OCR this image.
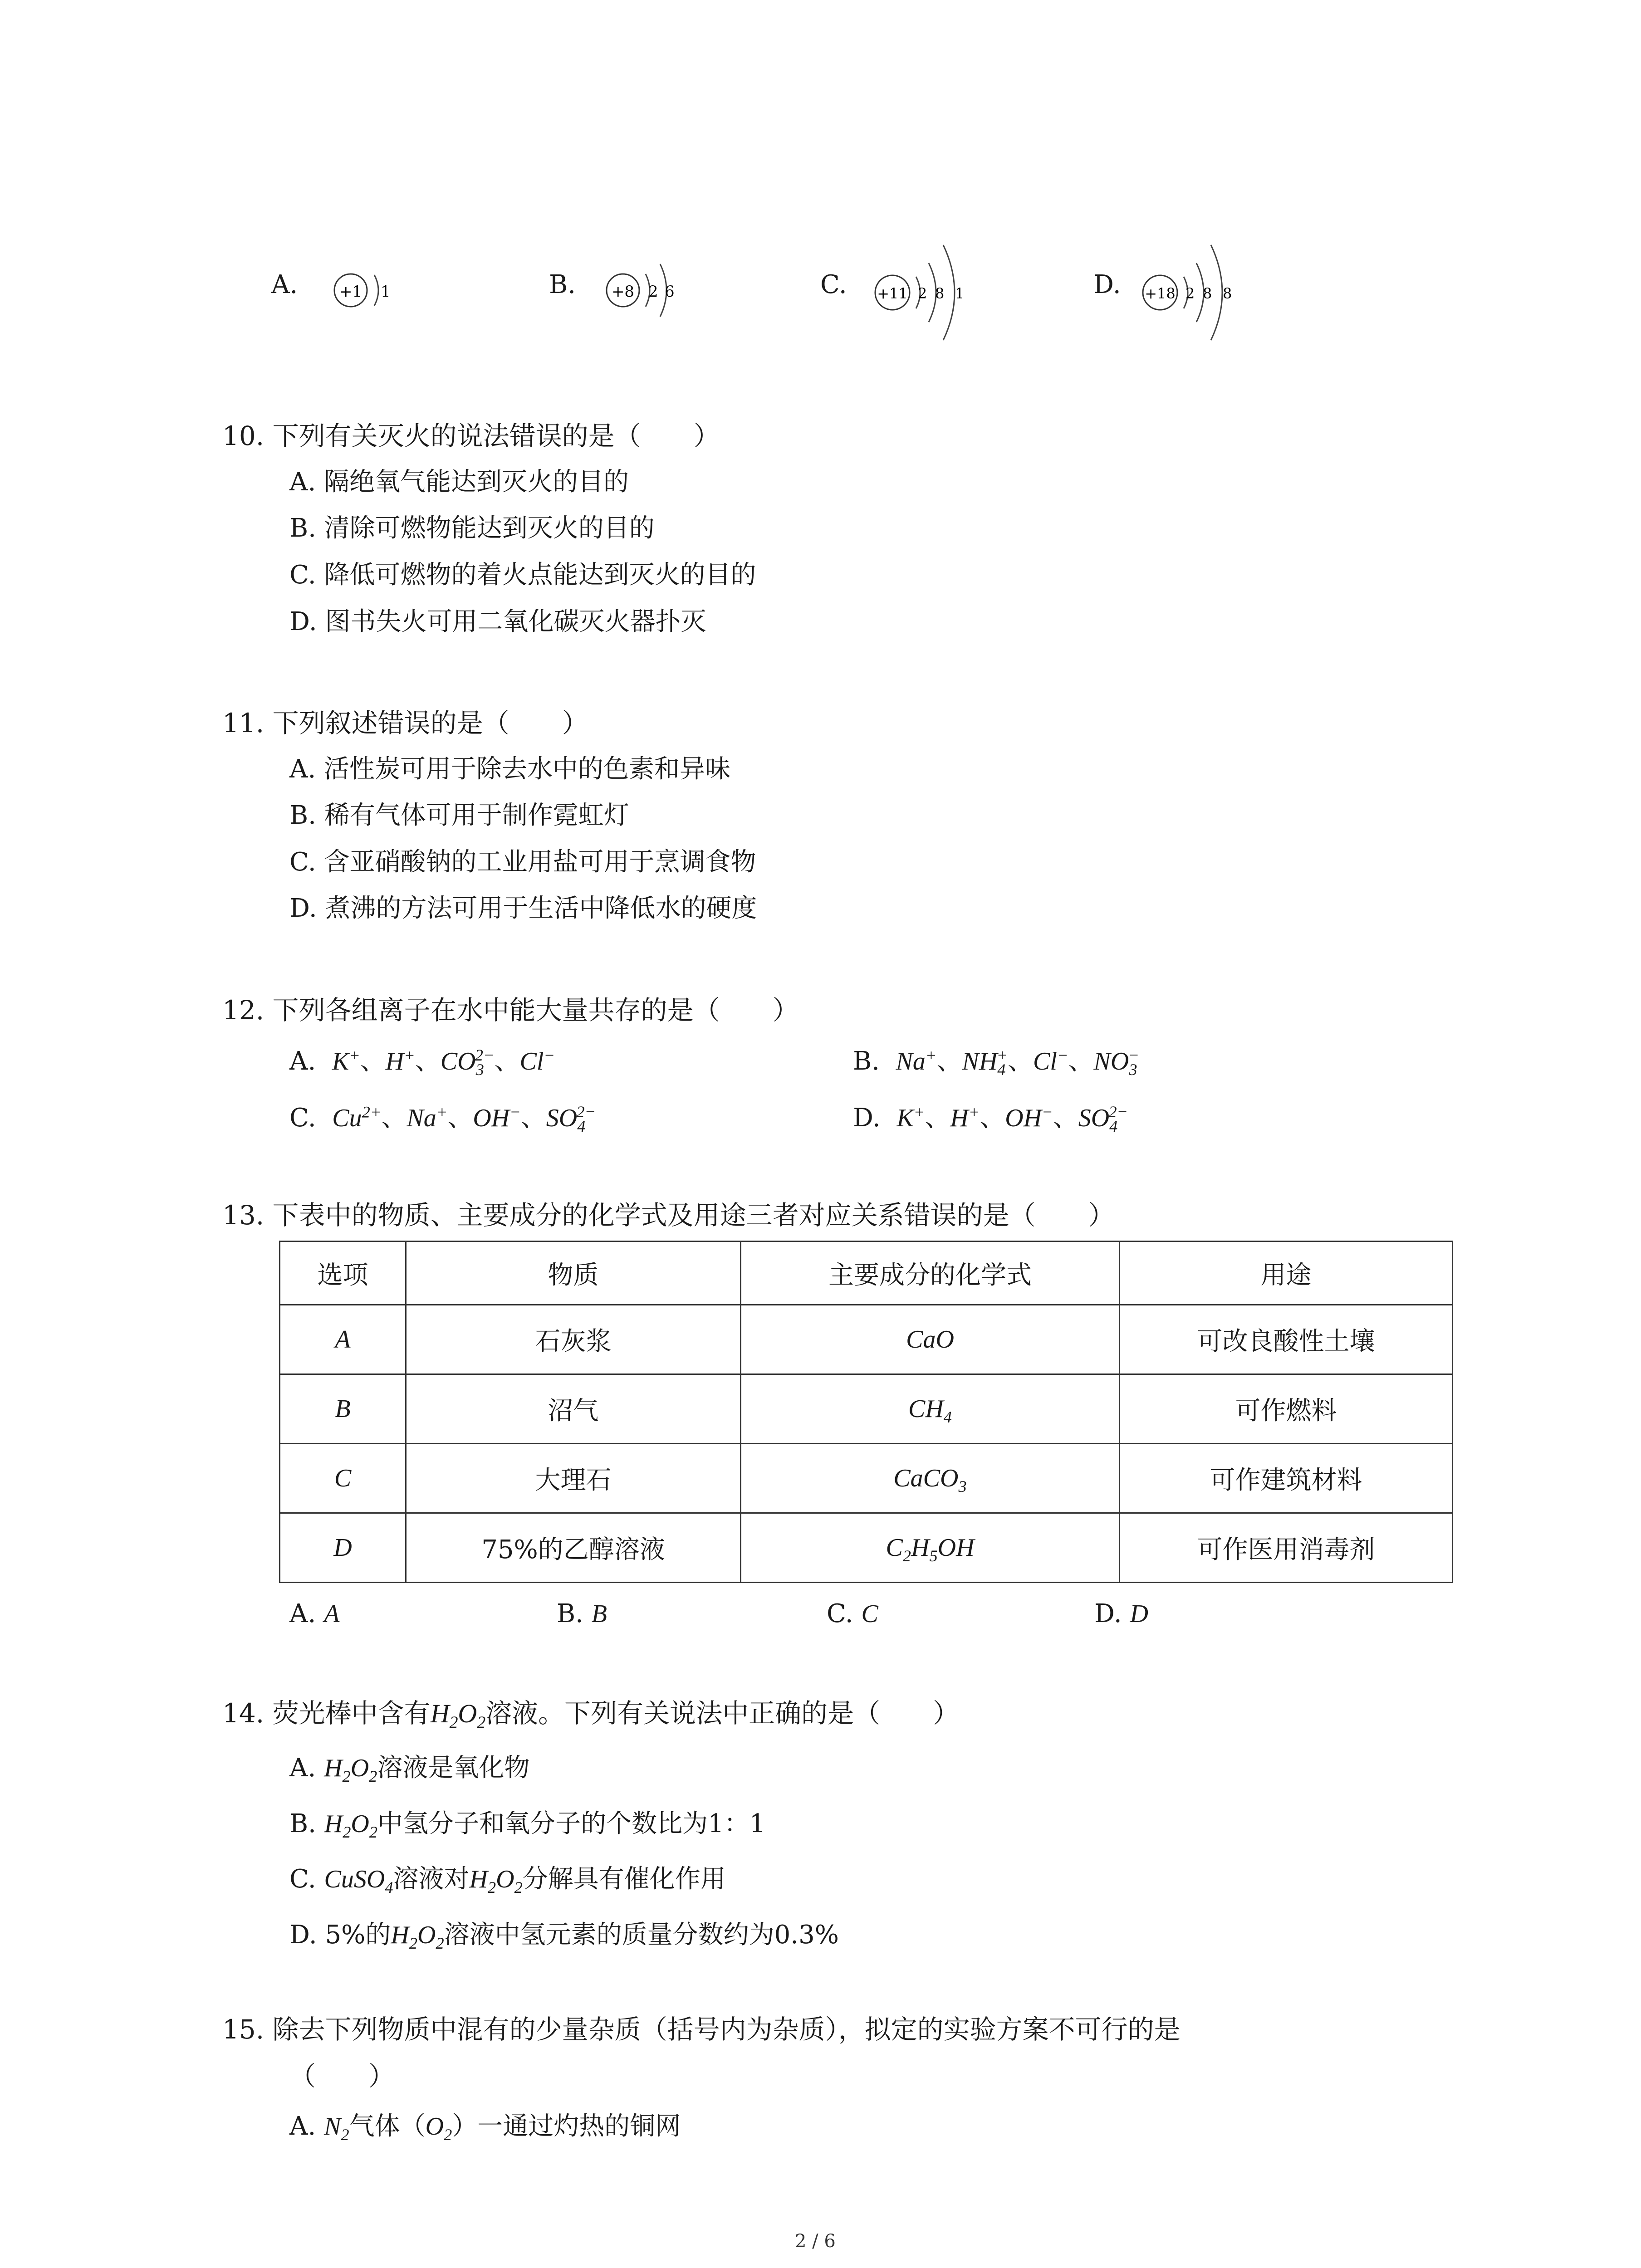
A.	+1 1	B. +8 2 6	C. +11 2 8 1	D. +18 2 8 8
10. 下列有关灭火的说法错误的是（　　）
A. 隔绝氧气能达到灭火的目的
B. 清除可燃物能达到灭火的目的
C. 降低可燃物的着火点能达到灭火的目的
D. 图书失火可用二氧化碳灭火器扑灭
11. 下列叙述错误的是（　　）
A. 活性炭可用于除去水中的色素和异味
B. 稀有气体可用于制作霓虹灯
C. 含亚硝酸钠的工业用盐可用于烹调食物
D. 煮沸的方法可用于生活中降低水的硬度
12. 下列各组离子在水中能大量共存的是（　　）
A. K+、H+、$CO_3^{2-}$、Cl−	B. Na+、$NH_4^+$、Cl−、$NO_3^-$
C. $Cu^{2+}$、Na+、OH−、$SO_4^{2-}$	D. K+、H+、OH−、$SO_4^{2-}$
13. 下表中的物质、主要成分的化学式及用途三者对应关系错误的是（　　）
选项	物质	主要成分的化学式	用途
A	石灰浆	CaO	可改良酸性土壤
B	沼气	$CH_4$	可作燃料
C	大理石	CaCO$_3$	可作建筑材料
D	75%的乙醇溶液	$C_2H_5OH$	可作医用消毒剂
A. A	B. B	C. C	D. D
14. 荧光棒中含有$H_2O_2$溶液。下列有关说法中正确的是（　　）
A. $H_2O_2$溶液是氧化物
B. $H_2O_2$中氢分子和氧分子的个数比为1：1
C. CuSO$_4$溶液对$H_2O_2$分解具有催化作用
D. 5%的$H_2O_2$溶液中氢元素的质量分数约为0.3%
15. 除去下列物质中混有的少量杂质（括号内为杂质），拟定的实验方案不可行的是
（　　）
A. $N_2$气体$(O_2)$一通过灼热的铜网
2 / 6
